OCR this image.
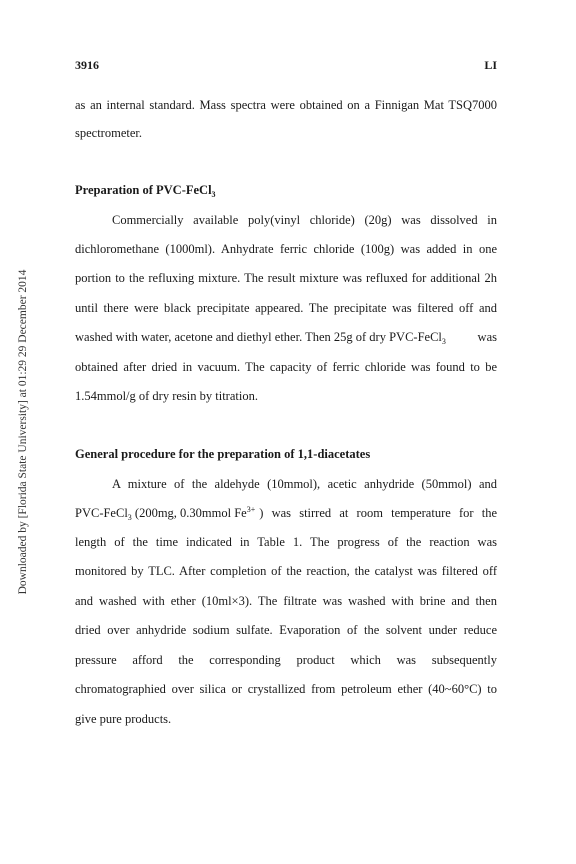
Downloaded by [Florida State University] at 01:29 29 December 2014
3916	LI
as an internal standard. Mass spectra were obtained on a Finnigan Mat TSQ7000
spectrometer.
Preparation of PVC-FeCl$_3$
Commercially available poly(vinyl chloride) (20g) was dissolved in
dichloromethane (1000ml). Anhydrate ferric chloride (100g) was added in one
portion to the refluxing mixture. The result mixture was refluxed for additional 2h
until there were black precipitate appeared. The precipitate was filtered off and
washed with water, acetone and diethyl ether. Then 25g of dry PVC-FeCl$_3$	was
obtained after dried in vacuum. The capacity of ferric chloride was found to be
1.54mmol/g of dry resin by titration.
General procedure for the preparation of 1,1-diacetates
A mixture of the aldehyde (10mmol), acetic anhydride (50mmol) and
PVC-FeCl$_3$ (200mg, 0.30mmol $Fe^{3+}$ ) was stirred at room temperature for the
length of the time indicated in Table 1. The progress of the reaction was
monitored by TLC. After completion of the reaction, the catalyst was filtered off
and washed with ether (10ml×3). The filtrate was washed with brine and then
dried over anhydride sodium sulfate. Evaporation of the solvent under reduce
pressure afford the corresponding product which was subsequently
chromatographied over silica or crystallized from petroleum ether (40~60°C) to
give pure products.
